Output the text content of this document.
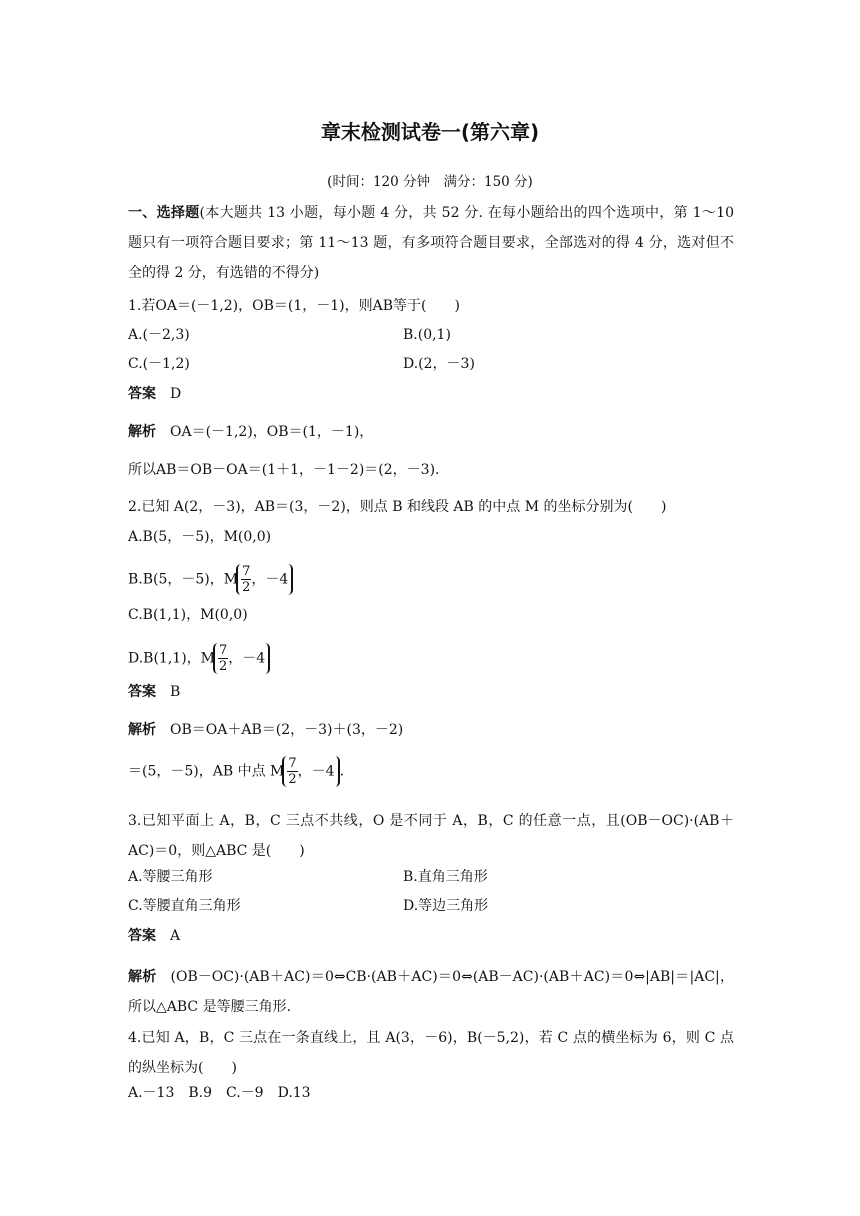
章末检测试卷一(第六章)
(时间：120 分钟　满分：150 分)
一、选择题(本大题共 13 小题，每小题 4 分，共 52 分. 在每小题给出的四个选项中，第 1～10 题只有一项符合题目要求；第 11～13 题，有多项符合题目要求，全部选对的得 4 分，选对但不全的得 2 分，有选错的不得分)
1.若OA＝(－1,2)，OB＝(1，－1)，则AB等于(　　)
A.(－2,3)	B.(0,1)
C.(－1,2)	D.(2，－3)
答案 D
解析 OA＝(－1,2)，OB＝(1，－1)，
所以AB＝OB－OA＝(1＋1，－1－2)＝(2，－3).
2.已知 A(2，－3)，AB＝(3，－2)，则点 B 和线段 AB 的中点 M 的坐标分别为(　　)
A.B(5，－5)，M(0,0)
B.B(5，－5)，M $\frac{7}{2}$ ，－4
C.B(1,1)，M(0,0)
D.B(1,1)，M $\frac{7}{2}$ ，－4
答案 B
解析 OB＝OA＋AB＝(2，－3)＋(3，－2)
＝(5，－5)，AB 中点 M $\frac{7}{2}$ ，－4 .
3.已知平面上 A，B，C 三点不共线，O 是不同于 A，B，C 的任意一点，且(OB－OC)·(AB＋AC)＝0，则△ABC 是(　　)
A.等腰三角形	B.直角三角形
C.等腰直角三角形	D.等边三角形
答案 A
解析 (OB－OC)·(AB＋AC)＝0⇔CB·(AB＋AC)＝0⇔(AB－AC)·(AB＋AC)＝0⇔|AB|＝|AC|，所以△ABC 是等腰三角形.
4.已知 A，B，C 三点在一条直线上，且 A(3，－6)，B(－5,2)，若 C 点的横坐标为 6，则 C 点的纵坐标为(　　)
A.－13　B.9　C.－9　D.13
